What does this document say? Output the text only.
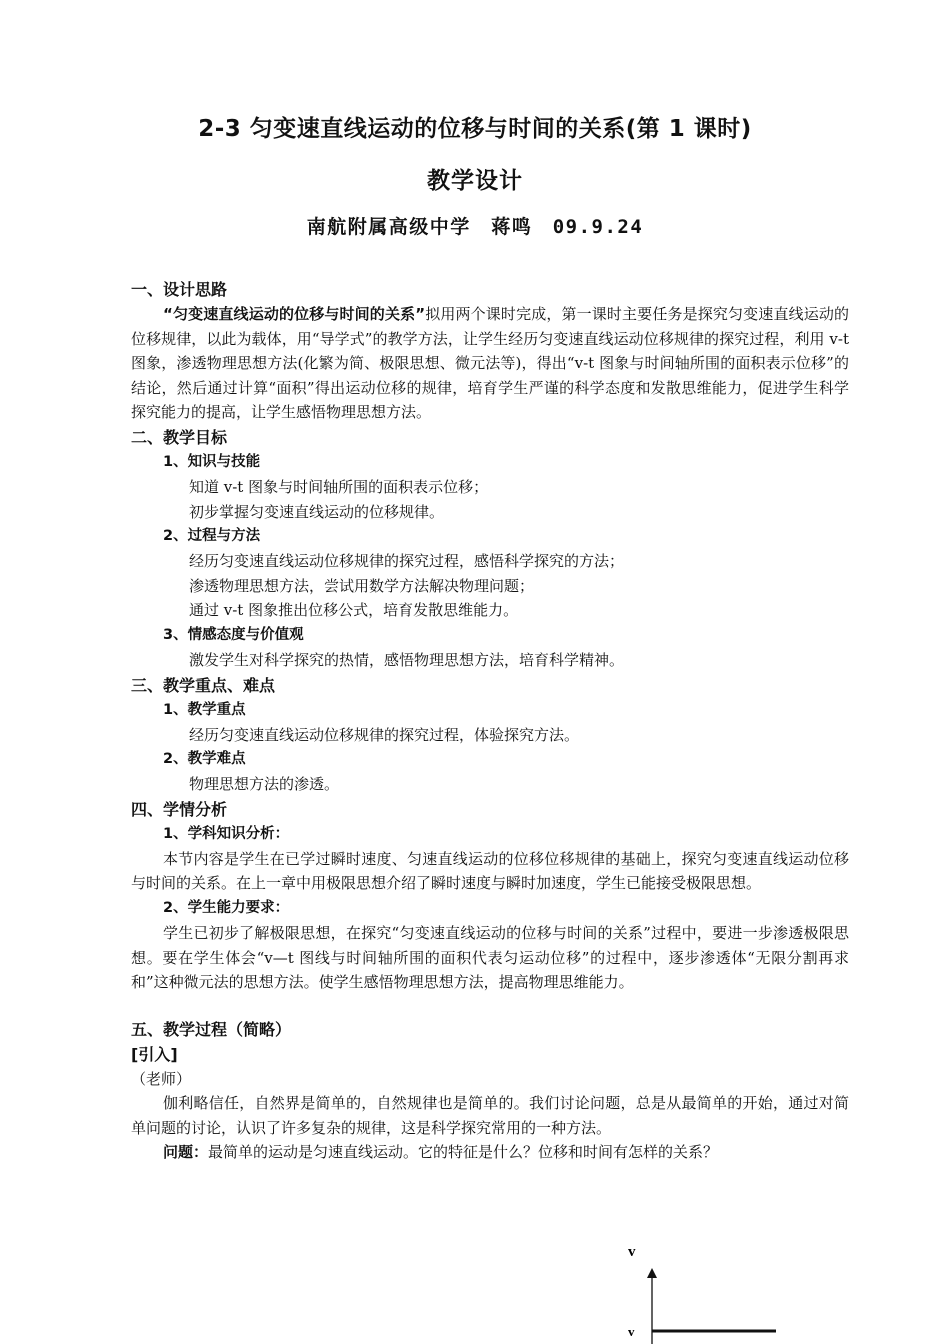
2-3 匀变速直线运动的位移与时间的关系(第 1 课时)
教学设计
南航附属高级中学　蒋鸣　09.9.24
一、设计思路

“匀变速直线运动的位移与时间的关系”拟用两个课时完成，第一课时主要任务是探究匀变速直线运动的位移规律，以此为载体，用“导学式”的教学方法，让学生经历匀变速直线运动位移规律的探究过程，利用 v-t 图象，渗透物理思想方法(化繁为简、极限思想、微元法等)，得出“v-t 图象与时间轴所围的面积表示位移”的结论，然后通过计算“面积”得出运动位移的规律，培育学生严谨的科学态度和发散思维能力，促进学生科学探究能力的提高，让学生感悟物理思想方法。

二、教学目标
1、知识与技能

知道 v-t 图象与时间轴所围的面积表示位移；

初步掌握匀变速直线运动的位移规律。

2、过程与方法

经历匀变速直线运动位移规律的探究过程，感悟科学探究的方法；

渗透物理思想方法，尝试用数学方法解决物理问题；

通过 v-t 图象推出位移公式，培育发散思维能力。

3、情感态度与价值观

激发学生对科学探究的热情，感悟物理思想方法，培育科学精神。

三、教学重点、难点
1、教学重点

经历匀变速直线运动位移规律的探究过程，体验探究方法。

2、教学难点

物理思想方法的渗透。

四、学情分析
1、学科知识分析：

本节内容是学生在已学过瞬时速度、匀速直线运动的位移位移规律的基础上，探究匀变速直线运动位移与时间的关系。在上一章中用极限思想介绍了瞬时速度与瞬时加速度，学生已能接受极限思想。

2、学生能力要求：

学生已初步了解极限思想，在探究“匀变速直线运动的位移与时间的关系”过程中，要进一步渗透极限思想。要在学生体会“v—t 图线与时间轴所围的面积代表匀运动位移”的过程中，逐步渗透体“无限分割再求和”这种微元法的思想方法。使学生感悟物理思想方法，提高物理思维能力。

五、教学过程（简略）
[引入]

（老师）

伽利略信任，自然界是简单的，自然规律也是简单的。我们讨论问题，总是从最简单的开始，通过对简单问题的讨论，认识了许多复杂的规律，这是科学探究常用的一种方法。

问题：最简单的运动是匀速直线运动。它的特征是什么？位移和时间有怎样的关系？

v
v
